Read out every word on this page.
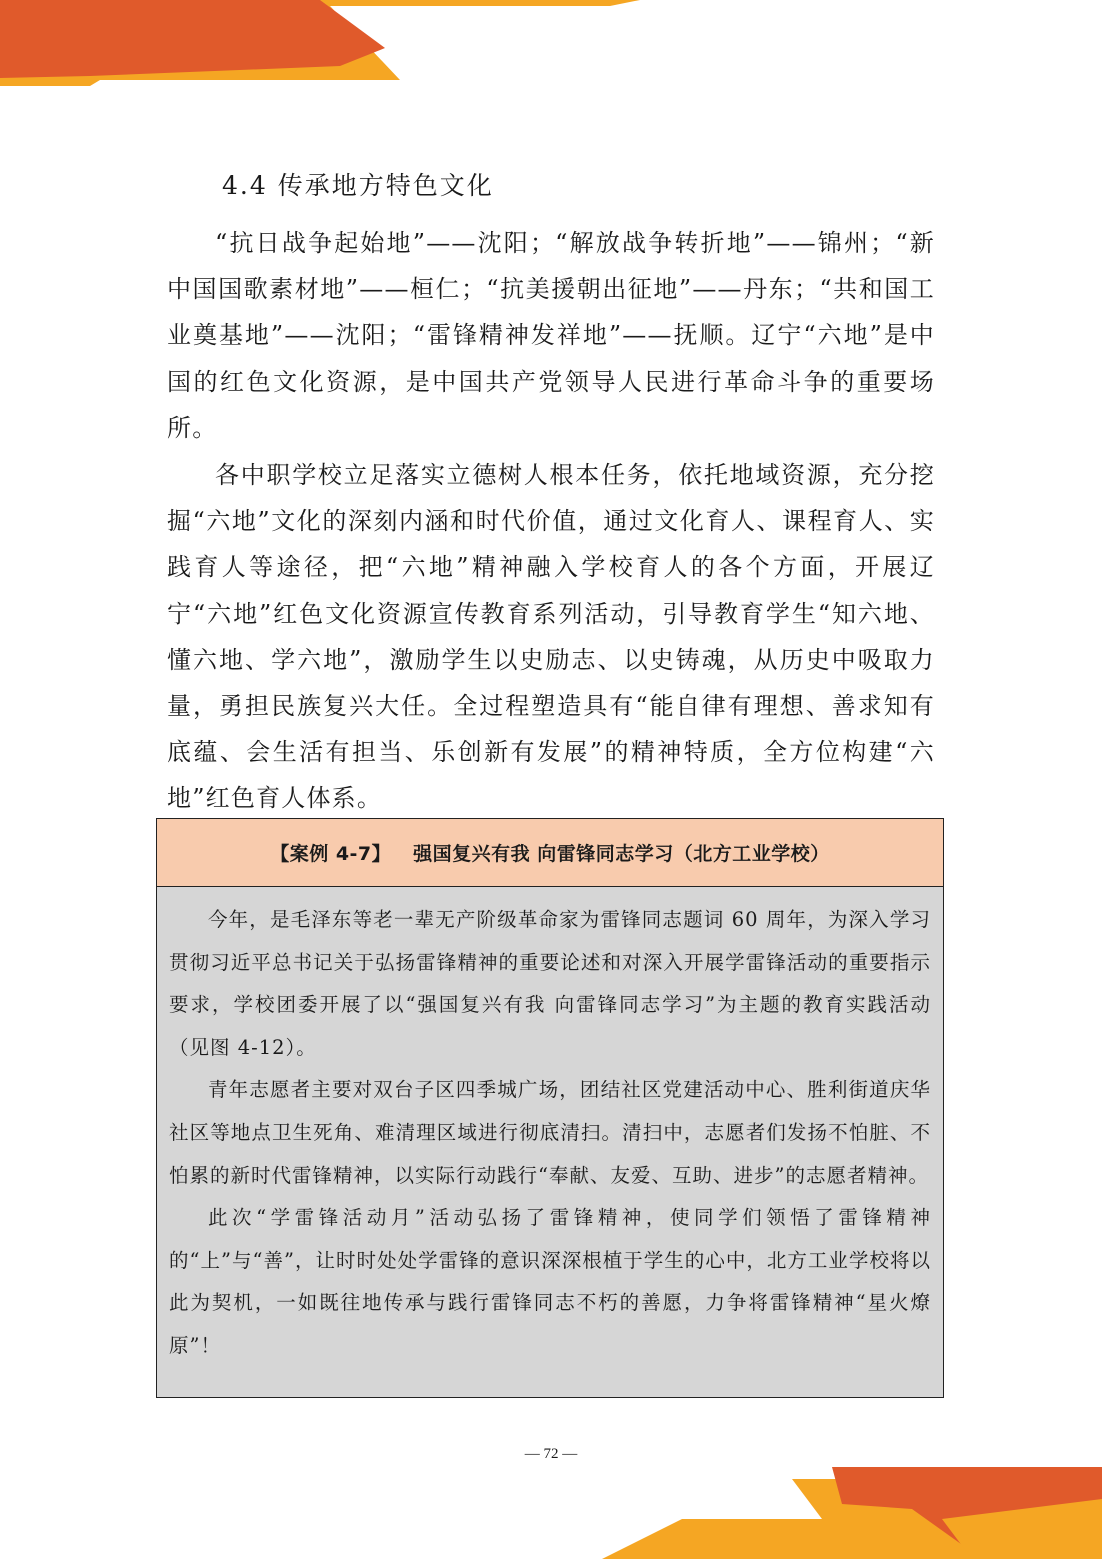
4.4 传承地方特色文化

“抗日战争起始地”——沈阳；“解放战争转折地”——锦州；“新中国国歌素材地”——桓仁；“抗美援朝出征地”——丹东；“共和国工业奠基地”——沈阳；“雷锋精神发祥地”——抚顺。辽宁“六地”是中国的红色文化资源，是中国共产党领导人民进行革命斗争的重要场所。

各中职学校立足落实立德树人根本任务，依托地域资源，充分挖掘“六地”文化的深刻内涵和时代价值，通过文化育人、课程育人、实践育人等途径，把“六地”精神融入学校育人的各个方面，开展辽宁“六地”红色文化资源宣传教育系列活动，引导教育学生“知六地、懂六地、学六地”，激励学生以史励志、以史铸魂，从历史中吸取力量，勇担民族复兴大任。全过程塑造具有“能自律有理想、善求知有底蕴、会生活有担当、乐创新有发展”的精神特质，全方位构建“六地”红色育人体系。

【案例 4-7】 强国复兴有我 向雷锋同志学习（北方工业学校）

今年，是毛泽东等老一辈无产阶级革命家为雷锋同志题词 60 周年，为深入学习贯彻习近平总书记关于弘扬雷锋精神的重要论述和对深入开展学雷锋活动的重要指示要求，学校团委开展了以“强国复兴有我 向雷锋同志学习”为主题的教育实践活动（见图 4-12）。

青年志愿者主要对双台子区四季城广场，团结社区党建活动中心、胜利街道庆华社区等地点卫生死角、难清理区域进行彻底清扫。清扫中，志愿者们发扬不怕脏、不怕累的新时代雷锋精神，以实际行动践行“奉献、友爱、互助、进步”的志愿者精神。

此次“学雷锋活动月”活动弘扬了雷锋精神，使同学们领悟了雷锋精神的“上”与“善”，让时时处处学雷锋的意识深深根植于学生的心中，北方工业学校将以此为契机，一如既往地传承与践行雷锋同志不朽的善愿，力争将雷锋精神“星火燎原”！

— 72 —
